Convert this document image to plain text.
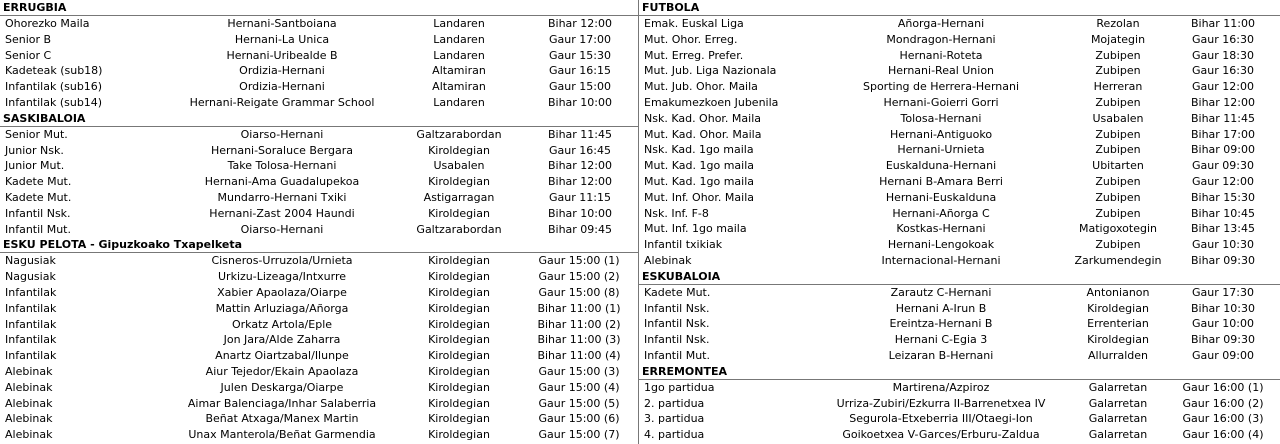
ERRUGBIA
Ohorezko Maila	Hernani-Santboiana	Landaren	Bihar 12:00
Senior B	Hernani-La Unica	Landaren	Gaur 17:00
Senior C	Hernani-Uribealde B	Landaren	Gaur 15:30
Kadeteak (sub18)	Ordizia-Hernani	Altamiran	Gaur 16:15
Infantilak (sub16)	Ordizia-Hernani	Altamiran	Gaur 15:00
Infantilak (sub14)	Hernani-Reigate Grammar School	Landaren	Bihar 10:00
SASKIBALOIA
Senior Mut.	Oiarso-Hernani	Galtzarabordan	Bihar 11:45
Junior Nsk.	Hernani-Soraluce Bergara	Kiroldegian	Gaur 16:45
Junior Mut.	Take Tolosa-Hernani	Usabalen	Bihar 12:00
Kadete Mut.	Hernani-Ama Guadalupekoa	Kiroldegian	Bihar 12:00
Kadete Mut.	Mundarro-Hernani Txiki	Astigarragan	Gaur 11:15
Infantil Nsk.	Hernani-Zast 2004 Haundi	Kiroldegian	Bihar 10:00
Infantil Mut.	Oiarso-Hernani	Galtzarabordan	Bihar 09:45
ESKU PELOTA - Gipuzkoako Txapelketa
Nagusiak	Cisneros-Urruzola/Urnieta	Kiroldegian	Gaur 15:00 (1)
Nagusiak	Urkizu-Lizeaga/Intxurre	Kiroldegian	Gaur 15:00 (2)
Infantilak	Xabier Apaolaza/Oiarpe	Kiroldegian	Gaur 15:00 (8)
Infantilak	Mattin Arluziaga/Añorga	Kiroldegian	Bihar 11:00 (1)
Infantilak	Orkatz Artola/Eple	Kiroldegian	Bihar 11:00 (2)
Infantilak	Jon Jara/Alde Zaharra	Kiroldegian	Bihar 11:00 (3)
Infantilak	Anartz Oiartzabal/Ilunpe	Kiroldegian	Bihar 11:00 (4)
Alebinak	Aiur Tejedor/Ekain Apaolaza	Kiroldegian	Gaur 15:00 (3)
Alebinak	Julen Deskarga/Oiarpe	Kiroldegian	Gaur 15:00 (4)
Alebinak	Aimar Balenciaga/Inhar Salaberria	Kiroldegian	Gaur 15:00 (5)
Alebinak	Beñat Atxaga/Manex Martin	Kiroldegian	Gaur 15:00 (6)
Alebinak	Unax Manterola/Beñat Garmendia	Kiroldegian	Gaur 15:00 (7)
FUTBOLA
Emak. Euskal Liga	Añorga-Hernani	Rezolan	Bihar 11:00
Mut. Ohor. Erreg.	Mondragon-Hernani	Mojategin	Gaur 16:30
Mut. Erreg. Prefer.	Hernani-Roteta	Zubipen	Gaur 18:30
Mut. Jub. Liga Nazionala	Hernani-Real Union	Zubipen	Gaur 16:30
Mut. Jub. Ohor. Maila	Sporting de Herrera-Hernani	Herreran	Gaur 12:00
Emakumezkoen Jubenila	Hernani-Goierri Gorri	Zubipen	Bihar 12:00
Nsk. Kad. Ohor. Maila	Tolosa-Hernani	Usabalen	Bihar 11:45
Mut. Kad. Ohor. Maila	Hernani-Antiguoko	Zubipen	Bihar 17:00
Nsk. Kad. 1go maila	Hernani-Urnieta	Zubipen	Bihar 09:00
Mut. Kad. 1go maila	Euskalduna-Hernani	Ubitarten	Gaur 09:30
Mut. Kad. 1go maila	Hernani B-Amara Berri	Zubipen	Gaur 12:00
Mut. Inf. Ohor. Maila	Hernani-Euskalduna	Zubipen	Bihar 15:30
Nsk. Inf. F-8	Hernani-Añorga C	Zubipen	Bihar 10:45
Mut. Inf. 1go maila	Kostkas-Hernani	Matigoxotegin	Bihar 13:45
Infantil txikiak	Hernani-Lengokoak	Zubipen	Gaur 10:30
Alebinak	Internacional-Hernani	Zarkumendegin	Bihar 09:30
ESKUBALOIA
Kadete Mut.	Zarautz C-Hernani	Antonianon	Gaur 17:30
Infantil Nsk.	Hernani A-Irun B	Kiroldegian	Bihar 10:30
Infantil Nsk.	Ereintza-Hernani B	Errenterian	Gaur 10:00
Infantil Nsk.	Hernani C-Egia 3	Kiroldegian	Bihar 09:30
Infantil Mut.	Leizaran B-Hernani	Allurralden	Gaur 09:00
ERREMONTEA
1go partidua	Martirena/Azpiroz	Galarretan	Gaur 16:00 (1)
2. partidua	Urriza-Zubiri/Ezkurra II-Barrenetxea IV	Galarretan	Gaur 16:00 (2)
3. partidua	Segurola-Etxeberria III/Otaegi-Ion	Galarretan	Gaur 16:00 (3)
4. partidua	Goikoetxea V-Garces/Erburu-Zaldua	Galarretan	Gaur 16:00 (4)
